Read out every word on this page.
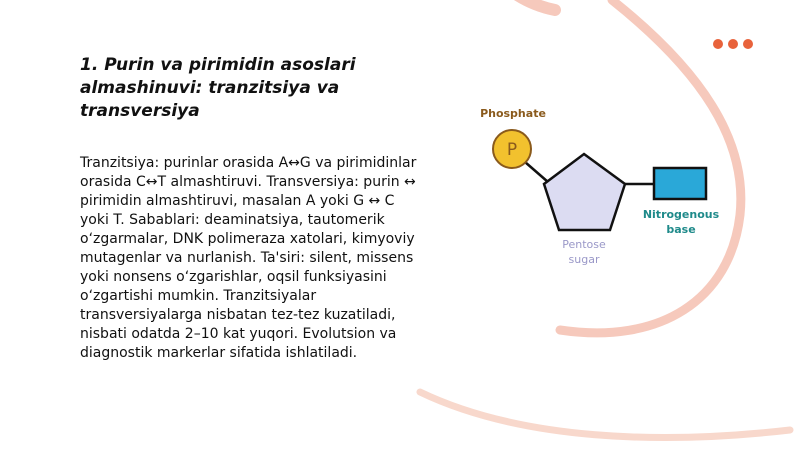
1. Purin va pirimidin asoslari almashinuvi: tranzitsiya va transversiya

Tranzitsiya: purinlar orasida A↔G va pirimidinlar orasida C↔T almashtiruvi. Transversiya: purin ↔ pirimidin almashtiruvi, masalan A yoki G ↔ C yoki T. Sabablari: deaminatsiya, tautomerik o‘zgarmalar, DNK polimeraza xatolari, kimyoviy mutagenlar va nurlanish. Ta'siri: silent, missens yoki nonsens o‘zgarishlar, oqsil funksiyasini o‘zgartishi mumkin. Tranzitsiyalar transversiyalarga nisbatan tez-tez kuzatiladi, nisbati odatda 2–10 kat yuqori. Evolutsion va diagnostik markerlar sifatida ishlatiladi.

P
Phosphate
Pentose
sugar
Nitrogenous
base
